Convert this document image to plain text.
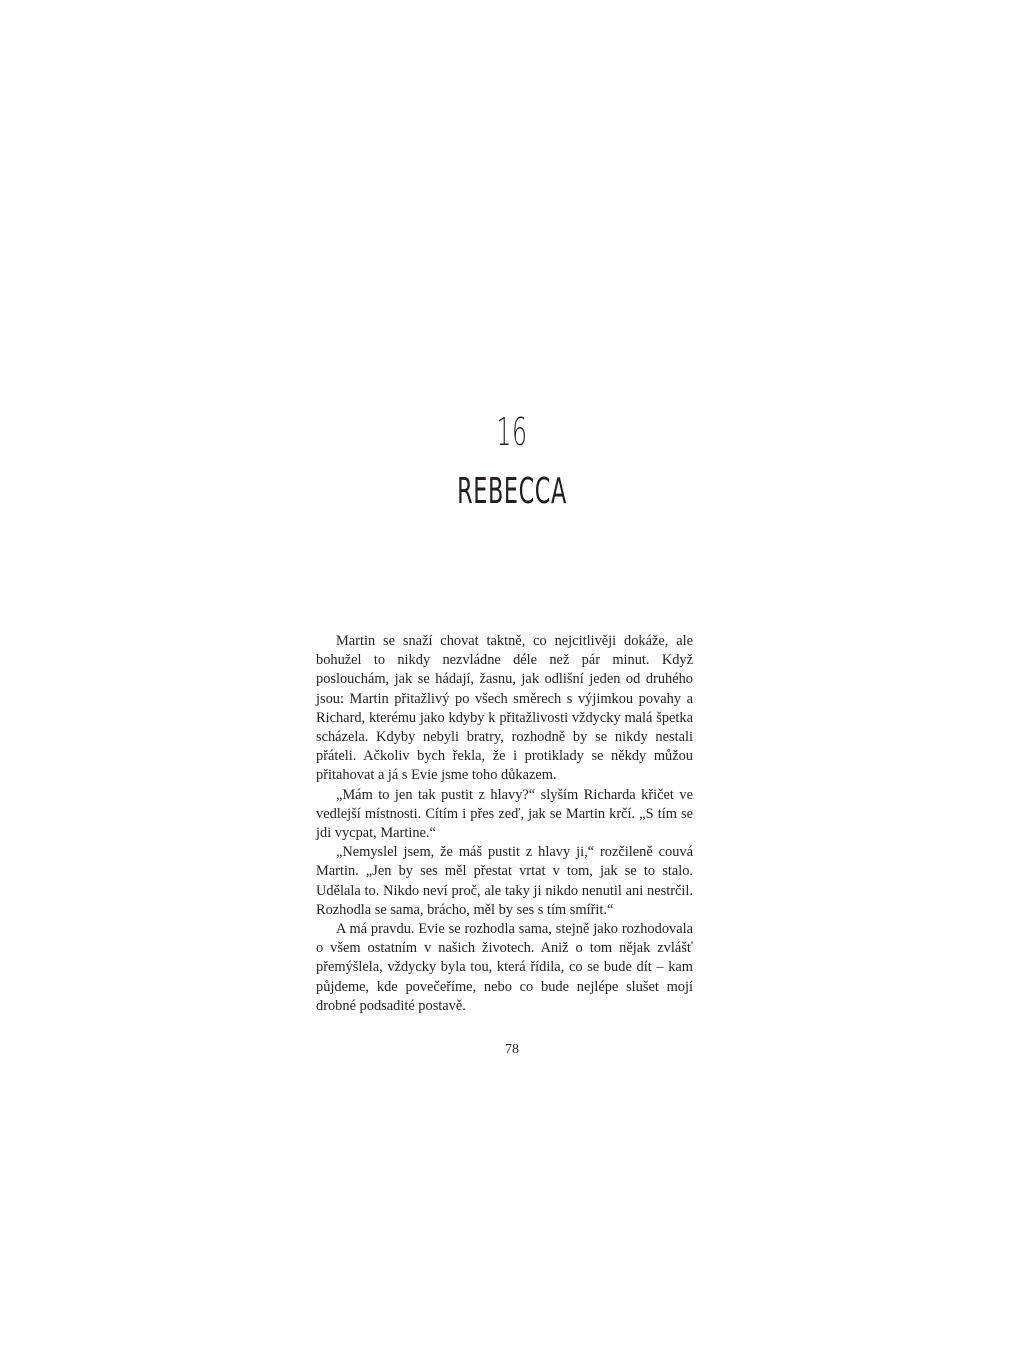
16
REBECCA

Martin se snaží chovat taktně, co nejcitlivěji dokáže, ale bohužel to nikdy nezvládne déle než pár minut. Když poslouchám, jak se hádají, žasnu, jak odlišní jeden od druhého jsou: Martin přitažlivý po všech směrech s výjimkou povahy a Richard, kterému jako kdyby k přitažlivosti vždycky malá špetka scházela. Kdyby nebyli bratry, rozhodně by se nikdy nestali přáteli. Ačkoliv bych řekla, že i protiklady se někdy můžou přitahovat a já s Evie jsme toho důkazem.

„Mám to jen tak pustit z hlavy?“ slyším Richarda křičet ve vedlejší místnosti. Cítím i přes zeď, jak se Martin krčí. „S tím se jdi vycpat, Martine.“

„Nemyslel jsem, že máš pustit z hlavy ji,“ rozčileně couvá Martin. „Jen by ses měl přestat vrtat v tom, jak se to stalo. Udělala to. Nikdo neví proč, ale taky ji nikdo nenutil ani nestrčil. Rozhodla se sama, brácho, měl by ses s tím smířit.“

A má pravdu. Evie se rozhodla sama, stejně jako rozhodovala o všem ostatním v našich životech. Aniž o tom nějak zvlášť přemýšlela, vždycky byla tou, která řídila, co se bude dít – kam půjdeme, kde povečeříme, nebo co bude nejlépe slušet mojí drobné podsadité postavě.

78
